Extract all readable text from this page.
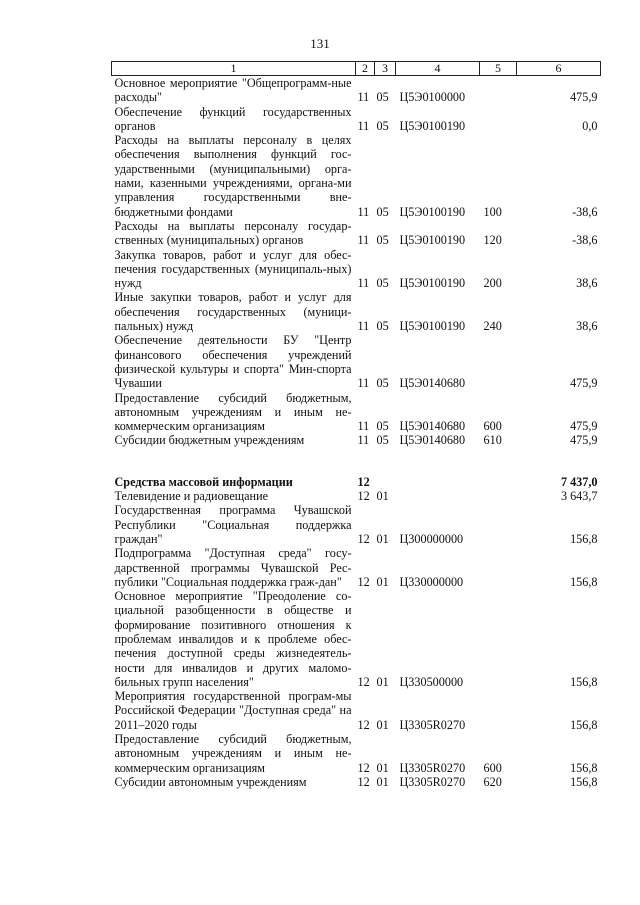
131
1	2	3	4	5	6
Основное мероприятие "Общепрограмм-ные расходы"	11	05	Ц5Э0100000		475,9
Обеспечение функций государственных органов	11	05	Ц5Э0100190		0,0
Расходы на выплаты персоналу в целях обеспечения выполнения функций гос-ударственными (муниципальными) орга-нами, казенными учреждениями, органа-ми управления государственными вне-бюджетными фондами	11	05	Ц5Э0100190	100	-38,6
Расходы на выплаты персоналу государ-ственных (муниципальных) органов	11	05	Ц5Э0100190	120	-38,6
Закупка товаров, работ и услуг для обес-печения государственных (муниципаль-ных) нужд	11	05	Ц5Э0100190	200	38,6
Иные закупки товаров, работ и услуг для обеспечения государственных (муници-пальных) нужд	11	05	Ц5Э0100190	240	38,6
Обеспечение деятельности БУ "Центр финансового обеспечения учреждений физической культуры и спорта" Мин-спорта Чувашии	11	05	Ц5Э0140680		475,9
Предоставление субсидий бюджетным, автономным учреждениям и иным не-коммерческим организациям	11	05	Ц5Э0140680	600	475,9
Субсидии бюджетным учреждениям	11	05	Ц5Э0140680	610	475,9

Средства массовой информации	12				7 437,0
Телевидение и радиовещание	12	01			3 643,7
Государственная программа Чувашской Республики "Социальная поддержка граждан"	12	01	Ц300000000		156,8
Подпрограмма "Доступная среда" госу-дарственной программы Чувашской Рес-публики "Социальная поддержка граж-дан"	12	01	Ц330000000		156,8
Основное мероприятие "Преодоление со-циальной разобщенности в обществе и формирование позитивного отношения к проблемам инвалидов и к проблеме обес-печения доступной среды жизнедеятель-ности для инвалидов и других маломо-бильных групп населения"	12	01	Ц330500000		156,8
Мероприятия государственной програм-мы Российской Федерации "Доступная среда" на 2011–2020 годы	12	01	Ц3305R0270		156,8
Предоставление субсидий бюджетным, автономным учреждениям и иным не-коммерческим организациям	12	01	Ц3305R0270	600	156,8
Субсидии автономным учреждениям	12	01	Ц3305R0270	620	156,8
